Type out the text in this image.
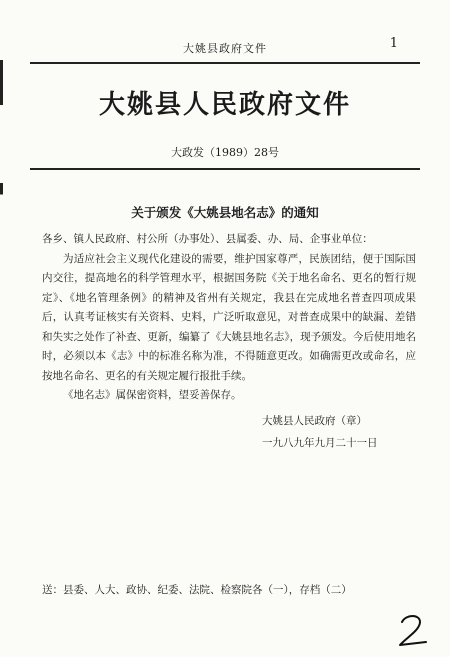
大姚县政府文件	1
大姚县人民政府文件
大政发（1989）28号
关于颁发《大姚县地名志》的通知

各乡、镇人民政府、村公所（办事处）、县属委、办、局、企事业单位：

为适应社会主义现代化建设的需要，维护国家尊严，民族团结，便于国际国内交往，提高地名的科学管理水平，根据国务院《关于地名命名、更名的暂行规定》、《地名管理条例》的精神及省州有关规定，我县在完成地名普查四项成果后，认真考证核实有关资料、史料，广泛听取意见，对普查成果中的缺漏、差错和失实之处作了补查、更新，编纂了《大姚县地名志》，现予颁发。今后使用地名时，必须以本《志》中的标准名称为准，不得随意更改。如确需更改或命名，应按地名命名、更名的有关规定履行报批手续。

《地名志》属保密资料，望妥善保存。

大姚县人民政府（章）
一九八九年九月二十一日
送：县委、人大、政协、纪委、法院、检察院各（一），存档（二）
